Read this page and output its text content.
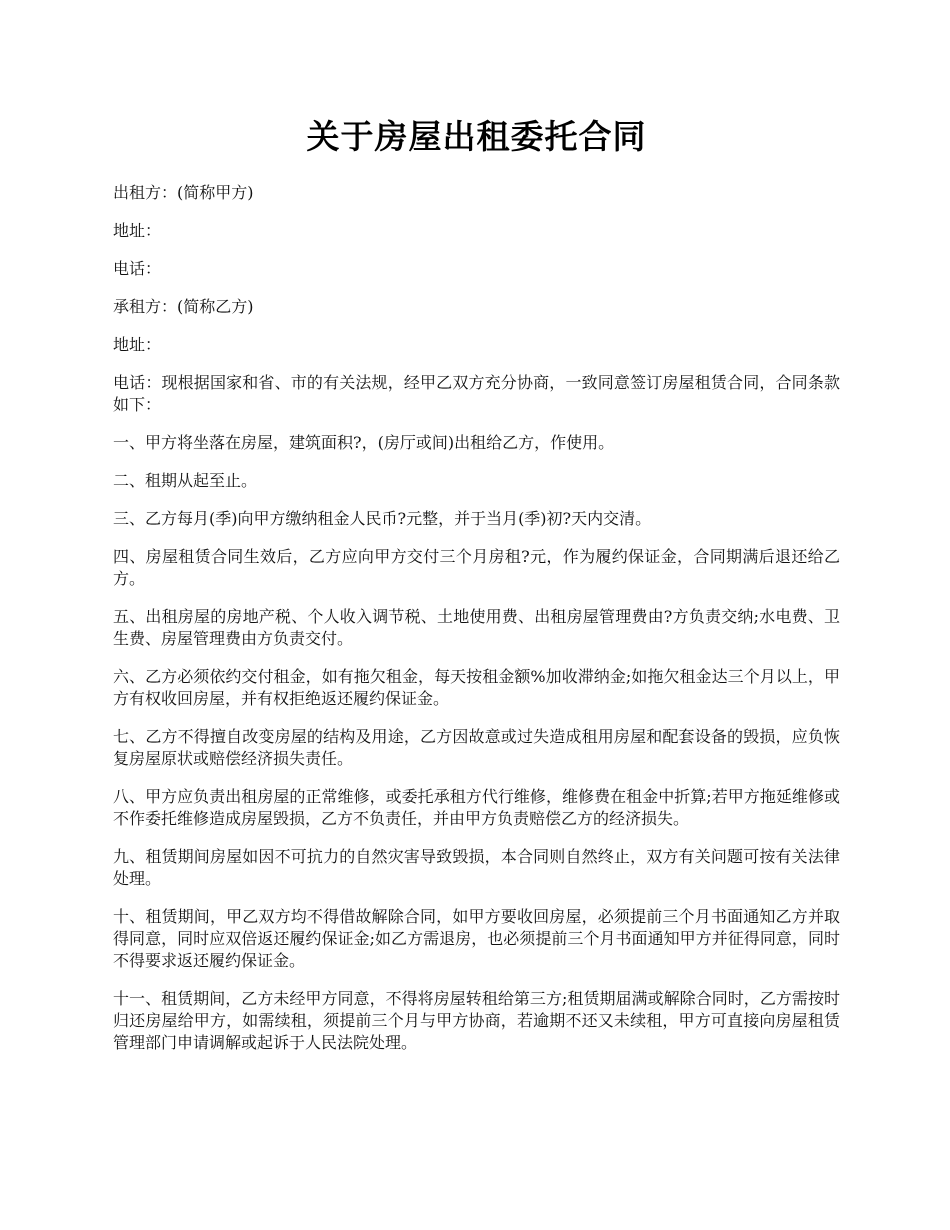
关于房屋出租委托合同

出租方：(简称甲方)

地址：

电话：

承租方：(简称乙方)

地址：

电话：现根据国家和省、市的有关法规，经甲乙双方充分协商，一致同意签订房屋租赁合同，合同条款如下：

一、甲方将坐落在房屋，建筑面积?，(房厅或间)出租给乙方，作使用。

二、租期从起至止。

三、乙方每月(季)向甲方缴纳租金人民币?元整，并于当月(季)初?天内交清。

四、房屋租赁合同生效后，乙方应向甲方交付三个月房租?元，作为履约保证金，合同期满后退还给乙方。

五、出租房屋的房地产税、个人收入调节税、土地使用费、出租房屋管理费由?方负责交纳;水电费、卫生费、房屋管理费由方负责交付。

六、乙方必须依约交付租金，如有拖欠租金，每天按租金额%加收滞纳金;如拖欠租金达三个月以上，甲方有权收回房屋，并有权拒绝返还履约保证金。

七、乙方不得擅自改变房屋的结构及用途，乙方因故意或过失造成租用房屋和配套设备的毁损，应负恢复房屋原状或赔偿经济损失责任。

八、甲方应负责出租房屋的正常维修，或委托承租方代行维修，维修费在租金中折算;若甲方拖延维修或不作委托维修造成房屋毁损，乙方不负责任，并由甲方负责赔偿乙方的经济损失。

九、租赁期间房屋如因不可抗力的自然灾害导致毁损，本合同则自然终止，双方有关问题可按有关法律处理。

十、租赁期间，甲乙双方均不得借故解除合同，如甲方要收回房屋，必须提前三个月书面通知乙方并取得同意，同时应双倍返还履约保证金;如乙方需退房，也必须提前三个月书面通知甲方并征得同意，同时不得要求返还履约保证金。

十一、租赁期间，乙方未经甲方同意，不得将房屋转租给第三方;租赁期届满或解除合同时，乙方需按时归还房屋给甲方，如需续租，须提前三个月与甲方协商，若逾期不还又未续租，甲方可直接向房屋租赁管理部门申请调解或起诉于人民法院处理。
